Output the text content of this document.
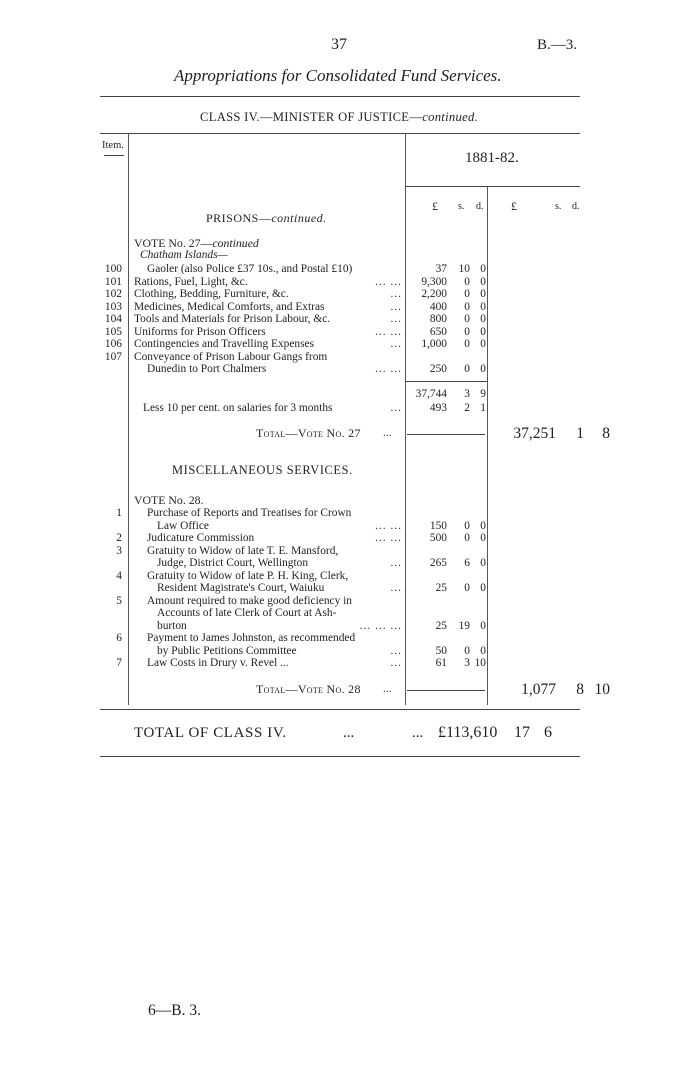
37	B.—3.
Appropriations for Consolidated Fund Services.
CLASS IV.—MINISTER OF JUSTICE—continued.
Item.
1881-82.
£ s. d. £	s. d.
PRISONS—continued.
VOTE No. 27—continued
Chatham Islands—
100 Gaoler (also Police £37 10s., and Postal £10)	37	10 0
101 Rations, Fuel, Light, &c.	... ...	9,300	0 0
102 Clothing, Bedding, Furniture, &c.	...	2,200	0 0
103 Medicines, Medical Comforts, and Extras	...	400	0 0
104 Tools and Materials for Prison Labour, &c.	...	800	0 0
105 Uniforms for Prison Officers	... ...	650	0 0
106 Contingencies and Travelling Expenses	...	1,000	0 0
107 Conveyance of Prison Labour Gangs from
Dunedin to Port Chalmers	... ...	250	0 0
37,744	3 9
Less 10 per cent. on salaries for 3 months	...	493	2 1
Total—Vote No. 27 ...	37,251	1	8
MISCELLANEOUS SERVICES.
VOTE No. 28.
1 Purchase of Reports and Treatises for Crown
Law Office	... ...	150	0 0
2 Judicature Commission	... ...	500	0 0
3 Gratuity to Widow of late T. E. Mansford,
Judge, District Court, Wellington	...	265	6 0
4 Gratuity to Widow of late P. H. King, Clerk,
Resident Magistrate's Court, Waiuku	...	25	0 0
5 Amount required to make good deficiency in
Accounts of late Clerk of Court at Ash-
burton	... ... ...	25	19 0
6 Payment to James Johnston, as recommended
by Public Petitions Committee	...	50	0 0
7 Law Costs in Drury v. Revel ...	...	61	3 10
Total—Vote No. 28 ...	1,077	8 10
TOTAL OF CLASS IV.	...	... £113,610 17 6
6—B. 3.
